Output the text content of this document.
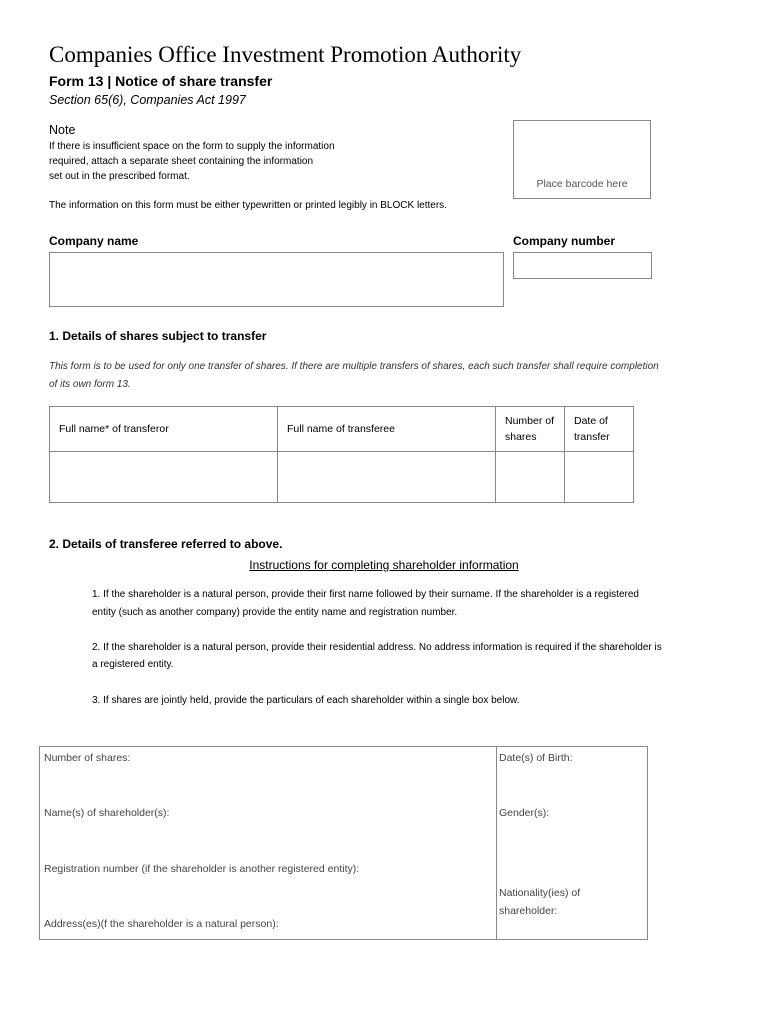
Companies Office Investment Promotion Authority
Form 13 | Notice of share transfer
Section 65(6), Companies Act 1997
Note
If there is insufficient space on the form to supply the information
required, attach a separate sheet containing the information
set out in the prescribed format.
The information on this form must be either typewritten or printed legibly in BLOCK letters.
Place barcode here
Company name	Company number
1. Details of shares subject to transfer
This form is to be used for only one transfer of shares. If there are multiple transfers of shares, each such transfer shall require completion
of its own form 13.
Full name* of transferor	Full name of transferee	Number of shares	Date of transfer

2. Details of transferee referred to above.
Instructions for completing shareholder information
1. If the shareholder is a natural person, provide their first name followed by their surname. If the shareholder is a registered
entity (such as another company) provide the entity name and registration number.
2. If the shareholder is a natural person, provide their residential address. No address information is required if the shareholder is
a registered entity.
3. If shares are jointly held, provide the particulars of each shareholder within a single box below.
Number of shares:
Name(s) of shareholder(s):
Registration number (if the shareholder is another registered entity):
Address(es)(f the shareholder is a natural person):
Date(s) of Birth:
Gender(s):
Nationality(ies) of shareholder:
